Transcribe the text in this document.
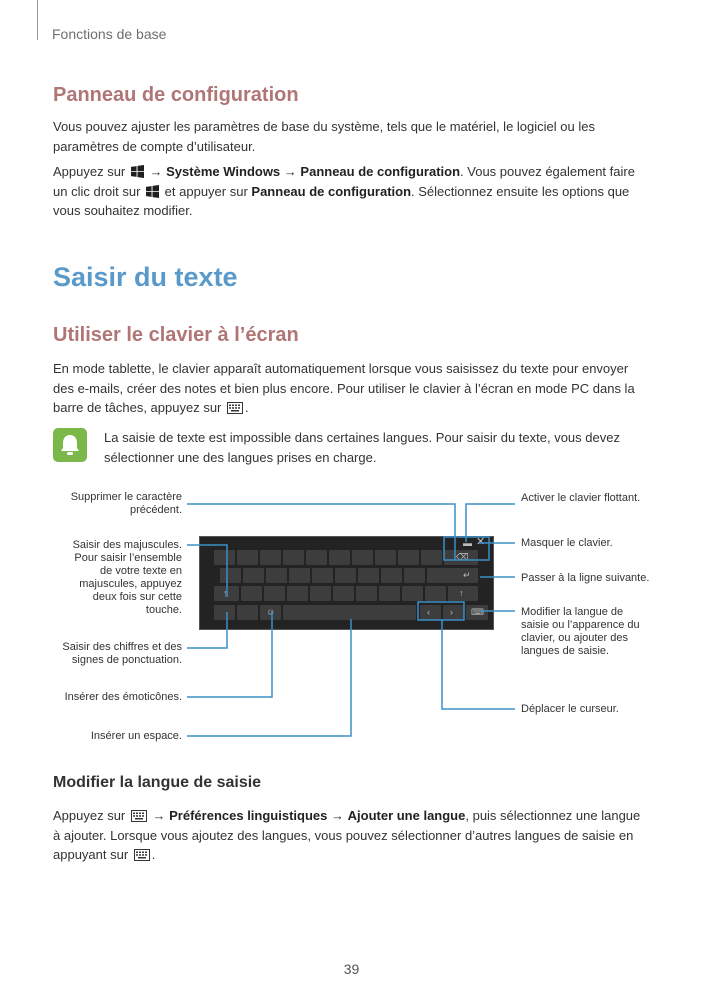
Fonctions de base
Panneau de configuration

Vous pouvez ajuster les paramètres de base du système, tels que le matériel, le logiciel ou les paramètres de compte d’utilisateur.

Appuyez sur → Système Windows → Panneau de configuration. Vous pouvez également faire un clic droit sur et appuyer sur Panneau de configuration. Sélectionnez ensuite les options que vous souhaitez modifier.

Saisir du texte
Utiliser le clavier à l’écran

En mode tablette, le clavier apparaît automatiquement lorsque vous saisissez du texte pour envoyer des e-mails, créer des notes et bien plus encore. Pour utiliser le clavier à l’écran en mode PC dans la barre de tâches, appuyez sur .

La saisie de texte est impossible dans certaines langues. Pour saisir du texte, vous devez sélectionner une des langues prises en charge.

▬ ✕
⌫
↵
↑	↑
☺	‹ › ⌨
Supprimer le caractère précédent.
Saisir des majuscules. Pour saisir l’ensemble de votre texte en majuscules, appuyez deux fois sur cette touche.
Saisir des chiffres et des signes de ponctuation.
Insérer des émoticônes.
Insérer un espace.
Activer le clavier flottant.
Masquer le clavier.
Passer à la ligne suivante.
Modifier la langue de saisie ou l’apparence du clavier, ou ajouter des langues de saisie.
Déplacer le curseur.
Modifier la langue de saisie

Appuyez sur → Préférences linguistiques → Ajouter une langue, puis sélectionnez une langue à ajouter. Lorsque vous ajoutez des langues, vous pouvez sélectionner d’autres langues de saisie en appuyant sur .

39
